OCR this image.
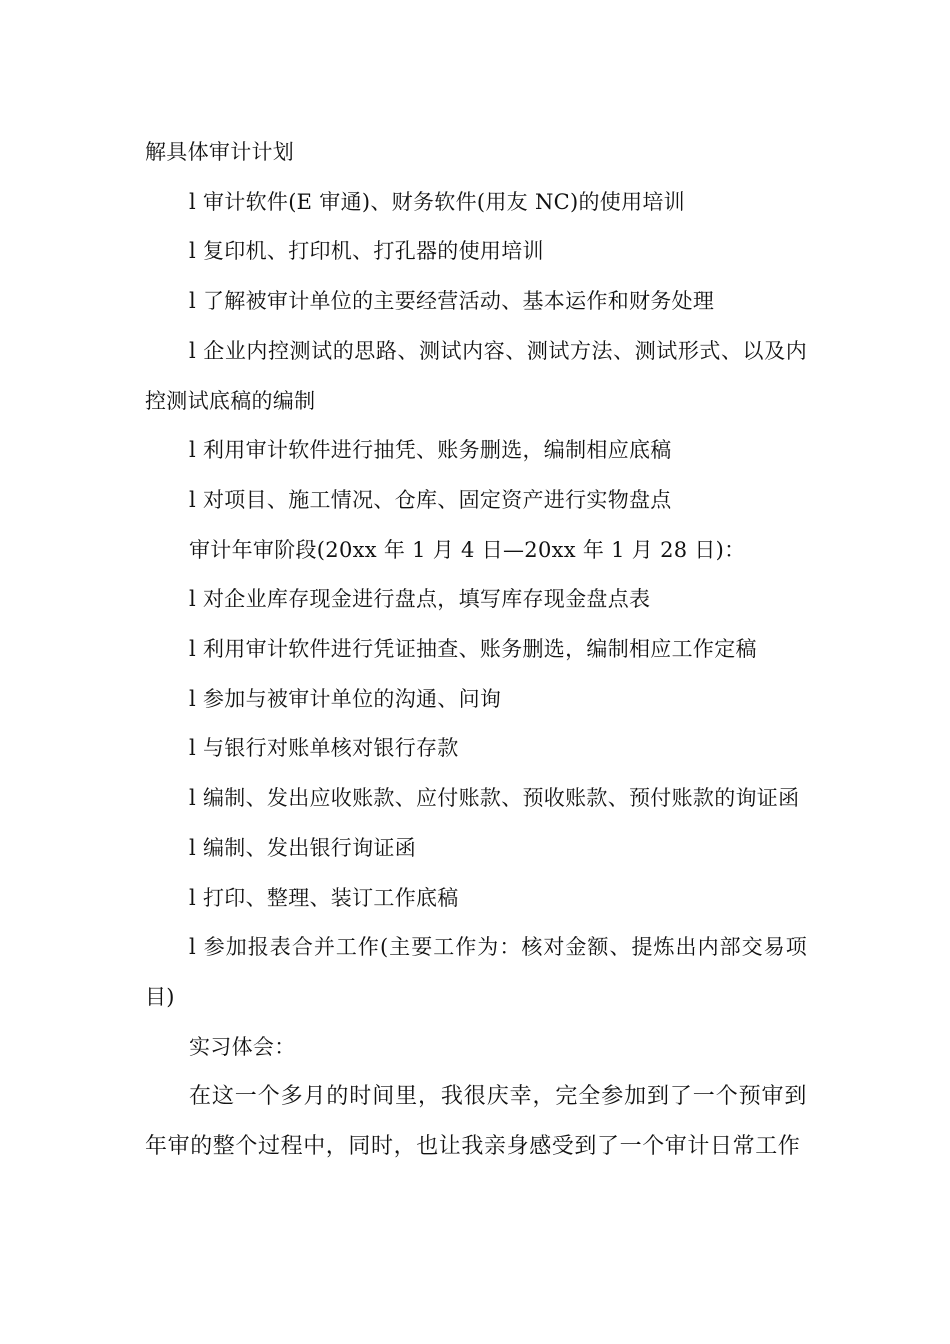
解具体审计计划

l 审计软件(E 审通)、财务软件(用友 NC)的使用培训

l 复印机、打印机、打孔器的使用培训

l 了解被审计单位的主要经营活动、基本运作和财务处理

l 企业内控测试的思路、测试内容、测试方法、测试形式、以及内控测试底稿的编制

l 利用审计软件进行抽凭、账务删选，编制相应底稿

l 对项目、施工情况、仓库、固定资产进行实物盘点

审计年审阶段(20xx 年 1 月 4 日—20xx 年 1 月 28 日)：

l 对企业库存现金进行盘点，填写库存现金盘点表

l 利用审计软件进行凭证抽查、账务删选，编制相应工作定稿

l 参加与被审计单位的沟通、问询

l 与银行对账单核对银行存款

l 编制、发出应收账款、应付账款、预收账款、预付账款的询证函

l 编制、发出银行询证函

l 打印、整理、装订工作底稿

l 参加报表合并工作(主要工作为：核对金额、提炼出内部交易项目)

实习体会：

在这一个多月的时间里，我很庆幸，完全参加到了一个预审到年审的整个过程中，同时，也让我亲身感受到了一个审计日常工作
